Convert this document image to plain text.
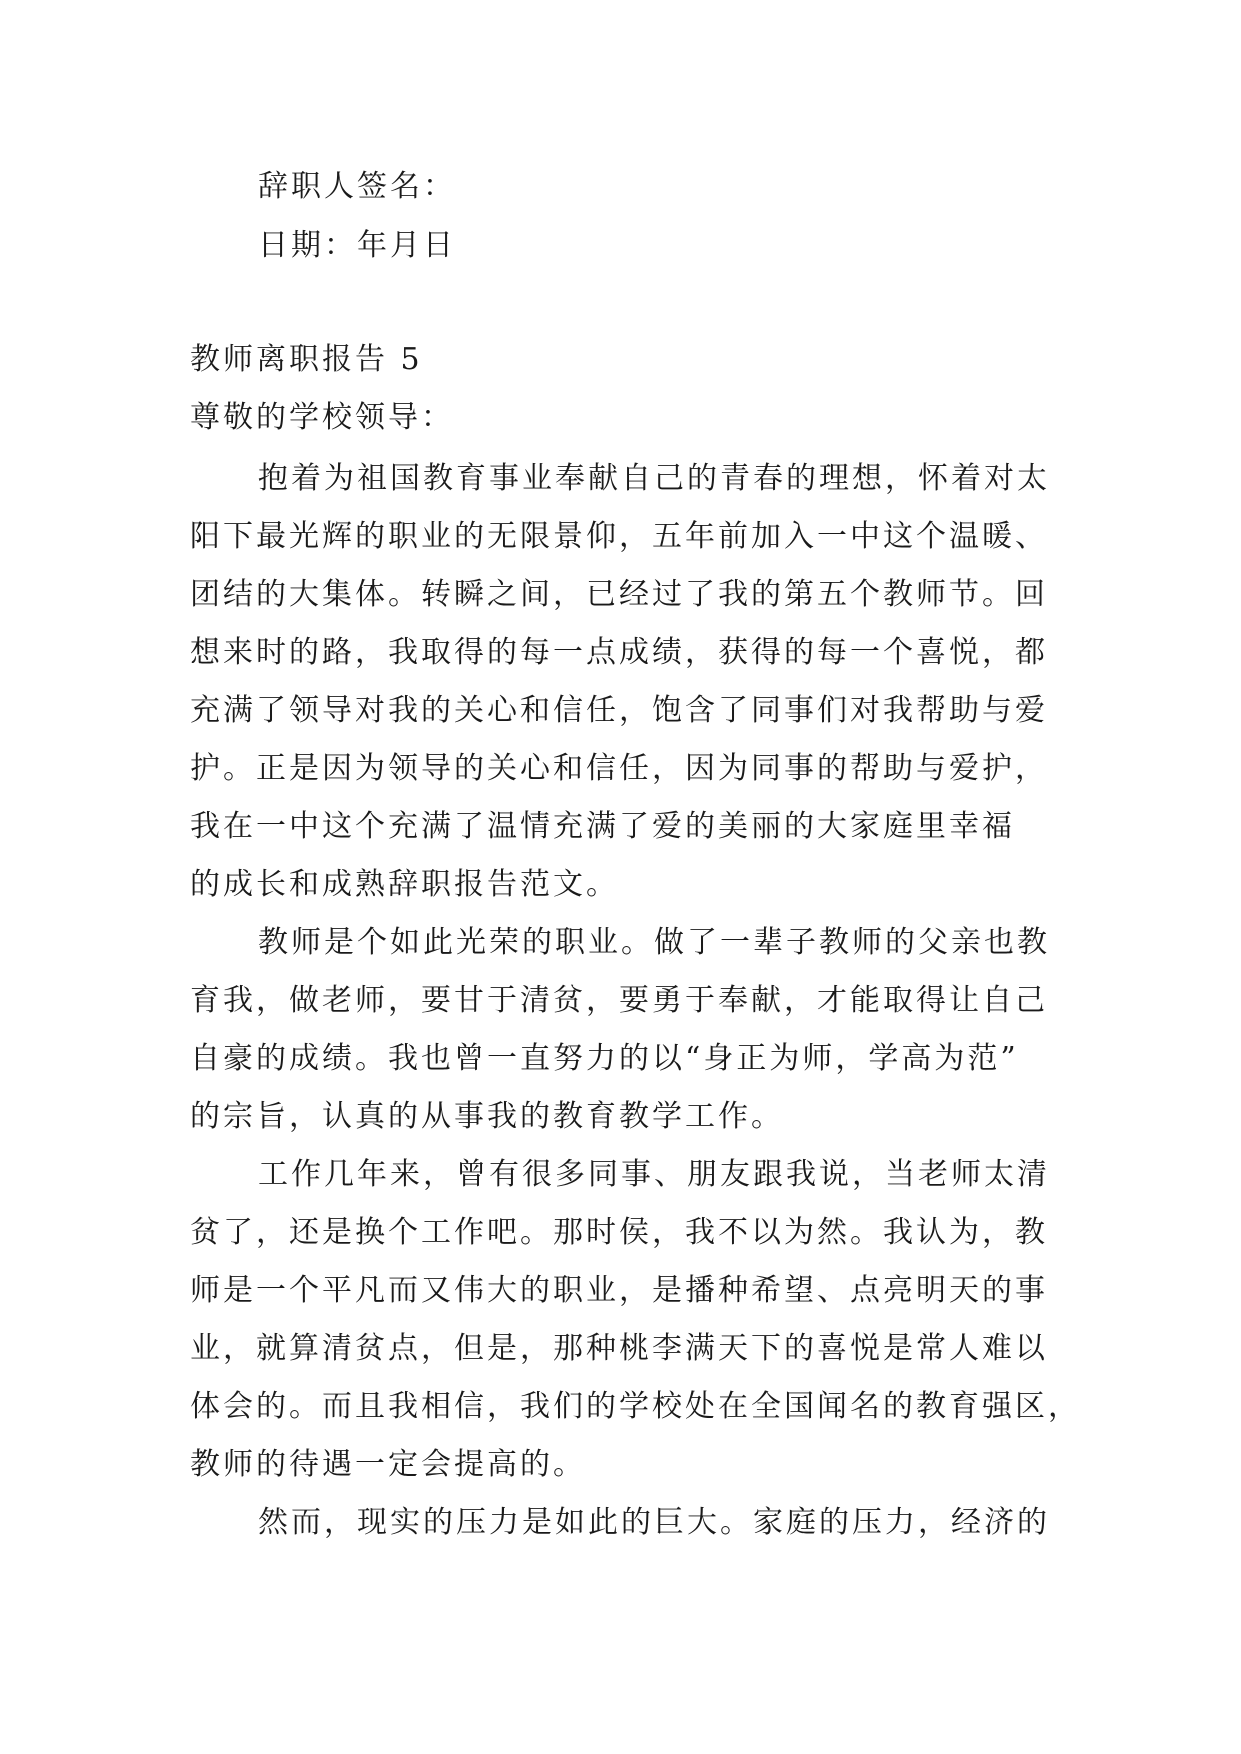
辞职人签名：

日期：年月日

教师离职报告 5

尊敬的学校领导：

抱着为祖国教育事业奉献自己的青春的理想，怀着对太

阳下最光辉的职业的无限景仰，五年前加入一中这个温暖、

团结的大集体。转瞬之间，已经过了我的第五个教师节。回

想来时的路，我取得的每一点成绩，获得的每一个喜悦，都

充满了领导对我的关心和信任，饱含了同事们对我帮助与爱

护。正是因为领导的关心和信任，因为同事的帮助与爱护，

我在一中这个充满了温情充满了爱的美丽的大家庭里幸福

的成长和成熟辞职报告范文。

教师是个如此光荣的职业。做了一辈子教师的父亲也教

育我，做老师，要甘于清贫，要勇于奉献，才能取得让自己

自豪的成绩。我也曾一直努力的以“身正为师，学高为范”

的宗旨，认真的从事我的教育教学工作。

工作几年来，曾有很多同事、朋友跟我说，当老师太清

贫了，还是换个工作吧。那时侯，我不以为然。我认为，教

师是一个平凡而又伟大的职业，是播种希望、点亮明天的事

业，就算清贫点，但是，那种桃李满天下的喜悦是常人难以

体会的。而且我相信，我们的学校处在全国闻名的教育强区，

教师的待遇一定会提高的。

然而，现实的压力是如此的巨大。家庭的压力，经济的
